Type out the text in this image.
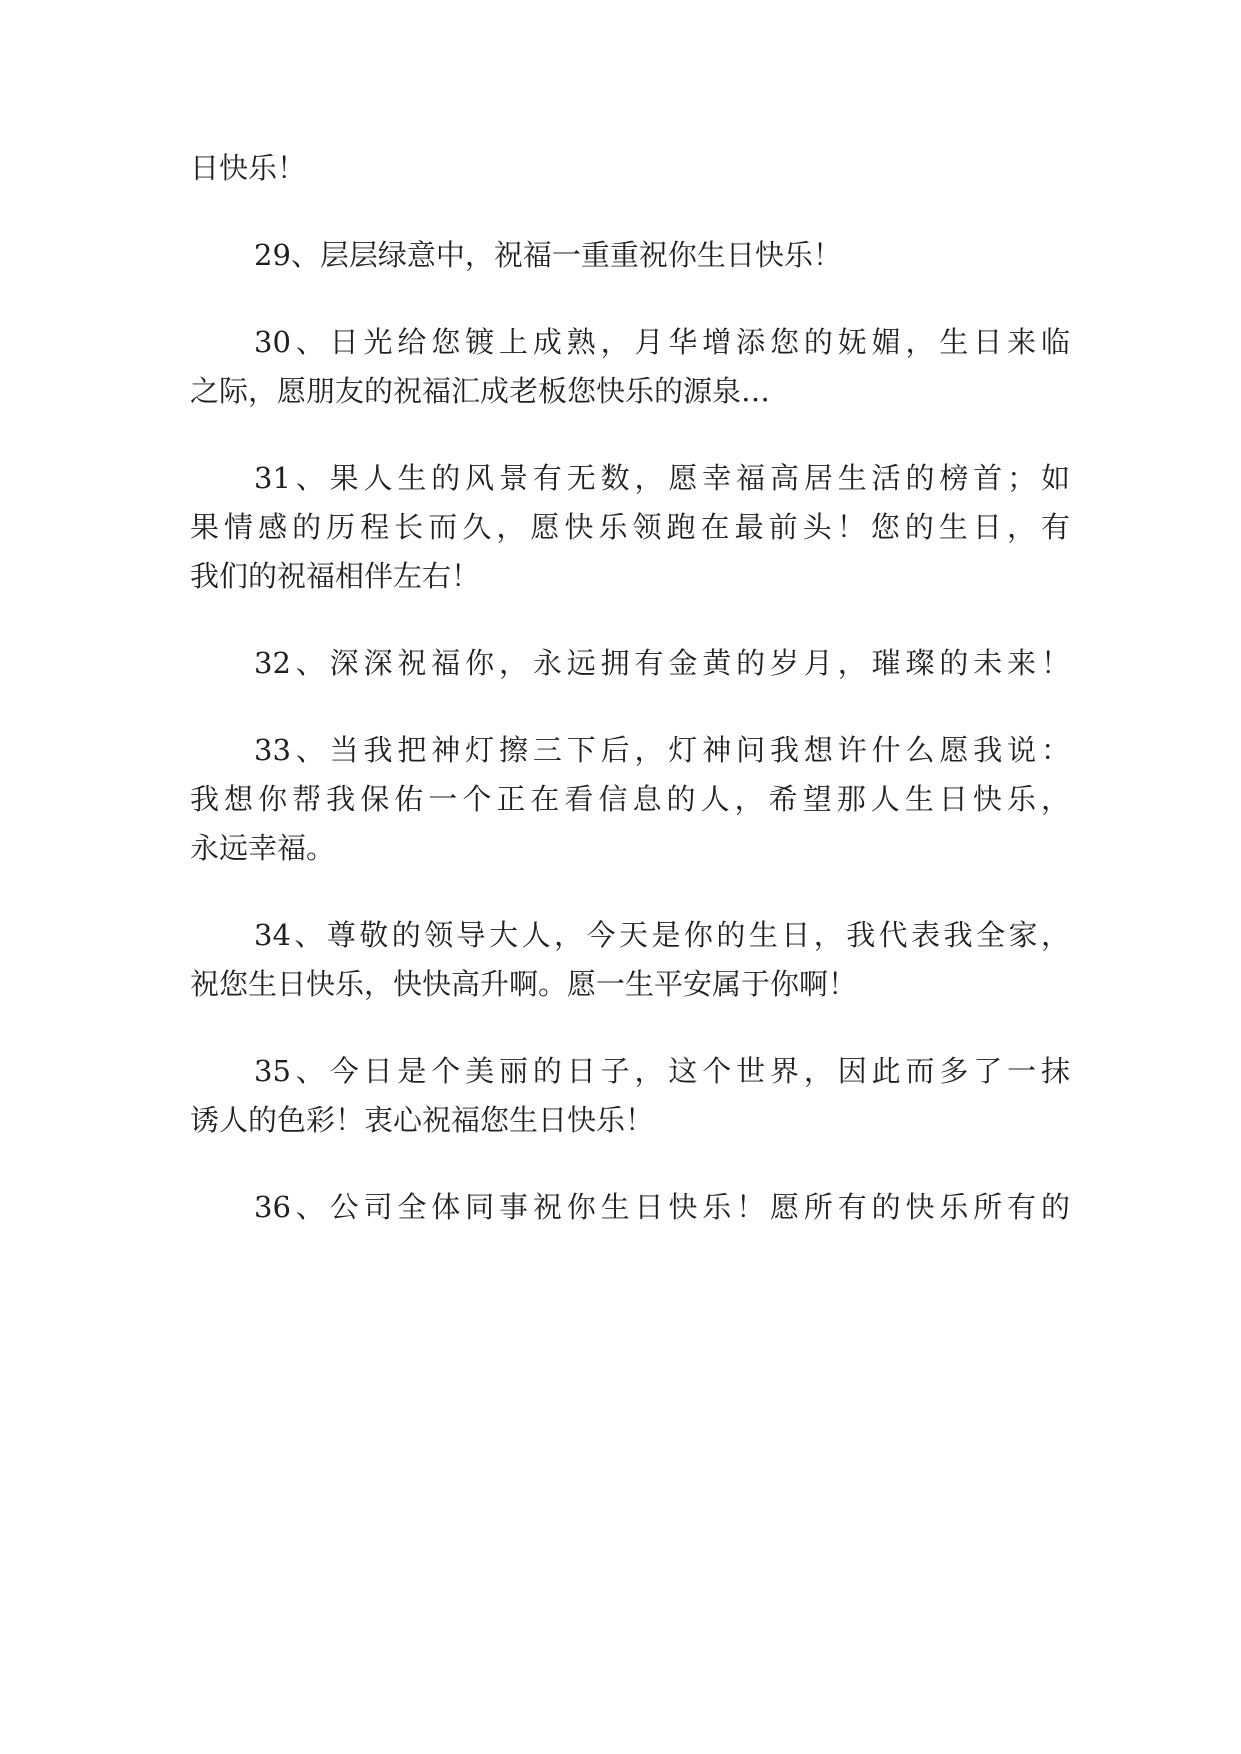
日快乐！
29、层层绿意中，祝福一重重祝你生日快乐！
30、日光给您镀上成熟，月华增添您的妩媚，生日来临
之际，愿朋友的祝福汇成老板您快乐的源泉…
31、果人生的风景有无数，愿幸福高居生活的榜首；如
果情感的历程长而久，愿快乐领跑在最前头！您的生日，有
我们的祝福相伴左右！
32、深深祝福你，永远拥有金黄的岁月，璀璨的未来！
33、当我把神灯擦三下后，灯神问我想许什么愿我说：
我想你帮我保佑一个正在看信息的人，希望那人生日快乐，
永远幸福。
34、尊敬的领导大人，今天是你的生日，我代表我全家，
祝您生日快乐，快快高升啊。愿一生平安属于你啊！
35、今日是个美丽的日子，这个世界，因此而多了一抹
诱人的色彩！衷心祝福您生日快乐！
36、公司全体同事祝你生日快乐！愿所有的快乐所有的
